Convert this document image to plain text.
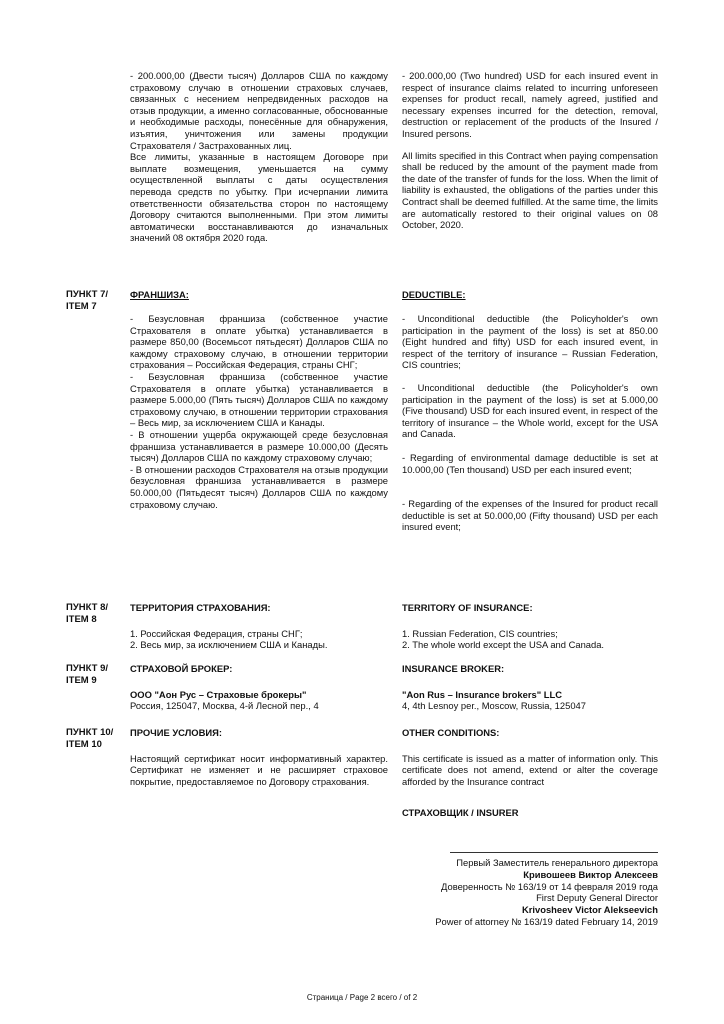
- 200.000,00 (Двести тысяч) Долларов США по каждому страховому случаю в отношении страховых случаев, связанных с несением непредвиденных расходов на отзыв продукции, а именно согласованные, обоснованные и необходимые расходы, понесённые для обнаружения, изъятия, уничтожения или замены продукции Страхователя / Застрахованных лиц.

Все лимиты, указанные в настоящем Договоре при выплате возмещения, уменьшается на сумму осуществленной выплаты с даты осуществления перевода средств по убытку. При исчерпании лимита ответственности обязательства сторон по настоящему Договору считаются выполненными. При этом лимиты автоматически восстанавливаются до изначальных значений 08 октября 2020 года.

- 200.000,00 (Two hundred) USD for each insured event in respect of insurance claims related to incurring unforeseen expenses for product recall, namely agreed, justified and necessary expenses incurred for the detection, removal, destruction or replacement of the products of the Insured / Insured persons.

All limits specified in this Contract when paying compensation shall be reduced by the amount of the payment made from the date of the transfer of funds for the loss. When the limit of liability is exhausted, the obligations of the parties under this Contract shall be deemed fulfilled. At the same time, the limits are automatically restored to their original values on 08 October, 2020.

ПУНКТ 7/ ITEM 7
ФРАНШИЗА:	DEDUCTIBLE:

- Безусловная франшиза (собственное участие Страхователя в оплате убытка) устанавливается в размере 850,00 (Восемьсот пятьдесят) Долларов США по каждому страховому случаю, в отношении территории страхования – Российская Федерация, страны СНГ;

- Безусловная франшиза (собственное участие Страхователя в оплате убытка) устанавливается в размере 5.000,00 (Пять тысяч) Долларов США по каждому страховому случаю, в отношении территории страхования – Весь мир, за исключением США и Канады.

- В отношении ущерба окружающей среде безусловная франшиза устанавливается в размере 10.000,00 (Десять тысяч) Долларов США по каждому страховому случаю;

- В отношении расходов Страхователя на отзыв продукции безусловная франшиза устанавливается в размере 50.000,00 (Пятьдесят тысяч) Долларов США по каждому страховому случаю.

- Unconditional deductible (the Policyholder's own participation in the payment of the loss) is set at 850.00 (Eight hundred and fifty) USD for each insured event, in respect of the territory of insurance – Russian Federation, CIS countries;

- Unconditional deductible (the Policyholder's own participation in the payment of the loss) is set at 5.000,00 (Five thousand) USD for each insured event, in respect of the territory of insurance – the Whole world, except for the USA and Canada.

- Regarding of environmental damage deductible is set at 10.000,00 (Ten thousand) USD per each insured event;

- Regarding of the expenses of the Insured for product recall deductible is set at 50.000,00 (Fifty thousand) USD per each insured event;

ПУНКТ 8/ ITEM 8

ТЕРРИТОРИЯ СТРАХОВАНИЯ:

1. Российская Федерация, страны СНГ;

2. Весь мир, за исключением США и Канады.

TERRITORY OF INSURANCE:

1. Russian Federation, CIS countries;

2. The whole world except the USA and Canada.

ПУНКТ 9/ ITEM 9

СТРАХОВОЙ БРОКЕР:

ООО "Аон Рус – Страховые брокеры"

Россия, 125047, Москва, 4-й Лесной пер., 4

INSURANCE BROKER:

"Aon Rus – Insurance brokers" LLC

4, 4th Lesnoy per., Moscow, Russia, 125047

ПУНКТ 10/ ITEM 10

ПРОЧИЕ УСЛОВИЯ:

Настоящий сертификат носит информативный характер. Сертификат не изменяет и не расширяет страховое покрытие, предоставляемое по Договору страхования.

OTHER CONDITIONS:

This certificate is issued as a matter of information only. This certificate does not amend, extend or alter the coverage afforded by the Insurance contract

СТРАХОВЩИК / INSURER

Первый Заместитель генерального директора
Кривошеев Виктор Алексеев
Доверенность № 163/19 от 14 февраля 2019 года
First Deputy General Director
Krivosheev Victor Alekseevich
Power of attorney № 163/19 dated February 14, 2019
Страница / Page 2 всего / of 2
